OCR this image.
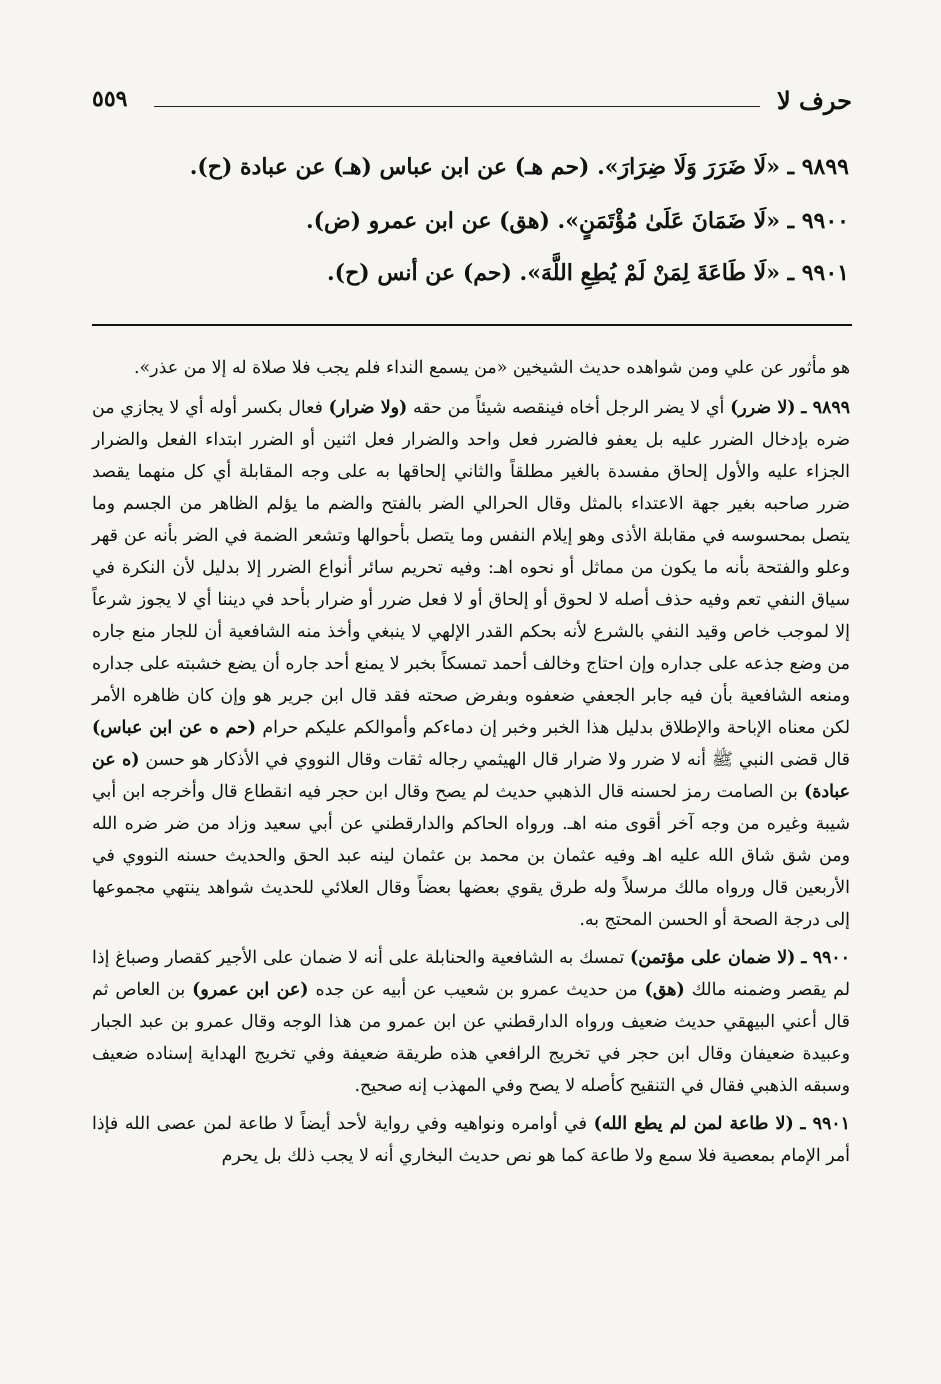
حرف لا
٥٥٩
٩٨٩٩ ـ «لَا ضَرَرَ وَلَا ضِرَارَ». (حم هـ) عن ابن عباس (هـ) عن عبادة (ح).
٩٩٠٠ ـ «لَا ضَمَانَ عَلَىٰ مُؤْتَمَنٍ». (هق) عن ابن عمرو (ض).
٩٩٠١ ـ «لَا طَاعَةَ لِمَنْ لَمْ يُطِعِ اللَّهَ». (حم) عن أنس (ح).

هو مأثور عن علي ومن شواهده حديث الشيخين «من يسمع النداء فلم يجب فلا صلاة له إلا من عذر».

٩٨٩٩ ـ (لا ضرر) أي لا يضر الرجل أخاه فينقصه شيئاً من حقه (ولا ضرار) فعال بكسر أوله أي لا يجازي من ضره بإدخال الضرر عليه بل يعفو فالضرر فعل واحد والضرار فعل اثنين أو الضرر ابتداء الفعل والضرار الجزاء عليه والأول إلحاق مفسدة بالغير مطلقاً والثاني إلحاقها به على وجه المقابلة أي كل منهما يقصد ضرر صاحبه بغير جهة الاعتداء بالمثل وقال الحرالي الضر بالفتح والضم ما يؤلم الظاهر من الجسم وما يتصل بمحسوسه في مقابلة الأذى وهو إيلام النفس وما يتصل بأحوالها وتشعر الضمة في الضر بأنه عن قهر وعلو والفتحة بأنه ما يكون من مماثل أو نحوه اهـ: وفيه تحريم سائر أنواع الضرر إلا بدليل لأن النكرة في سياق النفي تعم وفيه حذف أصله لا لحوق أو إلحاق أو لا فعل ضرر أو ضرار بأحد في ديننا أي لا يجوز شرعاً إلا لموجب خاص وقيد النفي بالشرع لأنه بحكم القدر الإلهي لا ينبغي وأخذ منه الشافعية أن للجار منع جاره من وضع جذعه على جداره وإن احتاج وخالف أحمد تمسكاً بخبر لا يمنع أحد جاره أن يضع خشبته على جداره ومنعه الشافعية بأن فيه جابر الجعفي ضعفوه وبفرض صحته فقد قال ابن جرير هو وإن كان ظاهره الأمر لكن معناه الإباحة والإطلاق بدليل هذا الخبر وخبر إن دماءكم وأموالكم عليكم حرام (حم ه عن ابن عباس) قال قضى النبي ﷺ أنه لا ضرر ولا ضرار قال الهيثمي رجاله ثقات وقال النووي في الأذكار هو حسن (ه عن عبادة) بن الصامت رمز لحسنه قال الذهبي حديث لم يصح وقال ابن حجر فيه انقطاع قال وأخرجه ابن أبي شيبة وغيره من وجه آخر أقوى منه اهـ. ورواه الحاكم والدارقطني عن أبي سعيد وزاد من ضر ضره الله ومن شق شاق الله عليه اهـ وفيه عثمان بن محمد بن عثمان لينه عبد الحق والحديث حسنه النووي في الأربعين قال ورواه مالك مرسلاً وله طرق يقوي بعضها بعضاً وقال العلائي للحديث شواهد ينتهي مجموعها إلى درجة الصحة أو الحسن المحتج به.

٩٩٠٠ ـ (لا ضمان على مؤتمن) تمسك به الشافعية والحنابلة على أنه لا ضمان على الأجير كقصار وصباغ إذا لم يقصر وضمنه مالك (هق) من حديث عمرو بن شعيب عن أبيه عن جده (عن ابن عمرو) بن العاص ثم قال أعني البيهقي حديث ضعيف ورواه الدارقطني عن ابن عمرو من هذا الوجه وقال عمرو بن عبد الجبار وعبيدة ضعيفان وقال ابن حجر في تخريج الرافعي هذه طريقة ضعيفة وفي تخريج الهداية إسناده ضعيف وسبقه الذهبي فقال في التنقيح كأصله لا يصح وفي المهذب إنه صحيح.

٩٩٠١ ـ (لا طاعة لمن لم يطع الله) في أوامره ونواهيه وفي رواية لأحد أيضاً لا طاعة لمن عصى الله فإذا أمر الإمام بمعصية فلا سمع ولا طاعة كما هو نص حديث البخاري أنه لا يجب ذلك بل يحرم
